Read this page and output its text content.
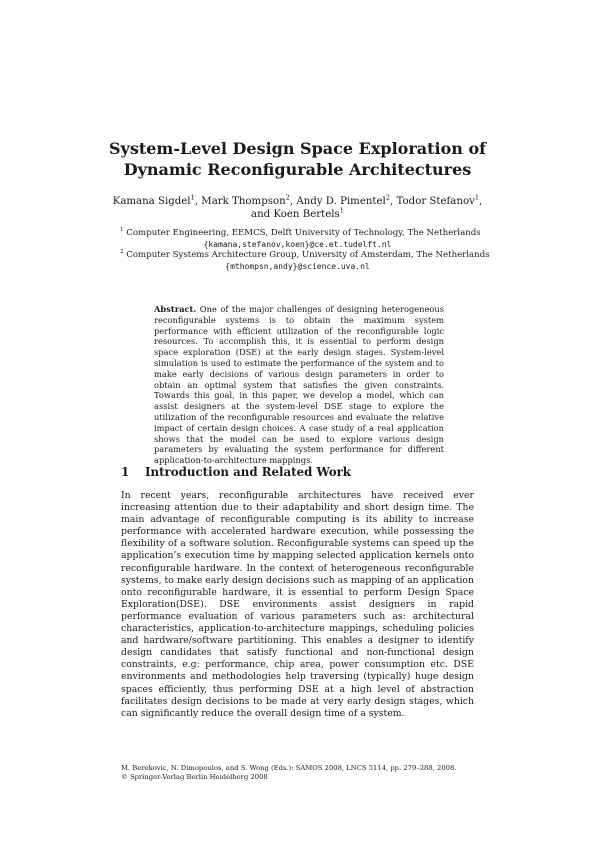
System-Level Design Space Exploration of
Dynamic Reconfigurable Architectures
Kamana Sigdel$^1$, Mark Thompson$^2$, Andy D. Pimentel$^2$, Todor Stefanov$^1$,
and Koen Bertels$^1$
$^1$ Computer Engineering, EEMCS, Delft University of Technology, The Netherlands
{kamana,stefanov,koen}@ce.et.tudelft.nl
$^2$ Computer Systems Architecture Group, University of Amsterdam, The Netherlands
{mthompsn,andy}@science.uva.nl
Abstract. One of the major challenges of designing heterogeneous reconfigurable systems is to obtain the maximum system performance with efficient utilization of the reconfigurable logic resources. To accomplish this, it is essential to perform design space exploration (DSE) at the early design stages. System-level simulation is used to estimate the performance of the system and to make early decisions of various design parameters in order to obtain an optimal system that satisfies the given constraints. Towards this goal, in this paper, we develop a model, which can assist designers at the system-level DSE stage to explore the utilization of the reconfigurable resources and evaluate the relative impact of certain design choices. A case study of a real application shows that the model can be used to explore various design parameters by evaluating the system performance for different application-to-architecture mappings.
1 Introduction and Related Work
In recent years, reconfigurable architectures have received ever increasing attention due to their adaptability and short design time. The main advantage of reconfigurable computing is its ability to increase performance with accelerated hardware execution, while possessing the flexibility of a software solution. Reconfigurable systems can speed up the application’s execution time by mapping selected application kernels onto reconfigurable hardware. In the context of heterogeneous reconfigurable systems, to make early design decisions such as mapping of an application onto reconfigurable hardware, it is essential to perform Design Space Exploration(DSE). DSE environments assist designers in rapid performance evaluation of various parameters such as: architectural characteristics, application-to-architecture mappings, scheduling policies and hardware/software partitioning. This enables a designer to identify design candidates that satisfy functional and non-functional design constraints, e.g: performance, chip area, power consumption etc. DSE environments and methodologies help traversing (typically) huge design spaces efficiently, thus performing DSE at a high level of abstraction facilitates design decisions to be made at very early design stages, which can significantly reduce the overall design time of a system.
M. Berekovic, N. Dimopoulos, and S. Wong (Eds.): SAMOS 2008, LNCS 5114, pp. 279–288, 2008.
© Springer-Verlag Berlin Heidelberg 2008
